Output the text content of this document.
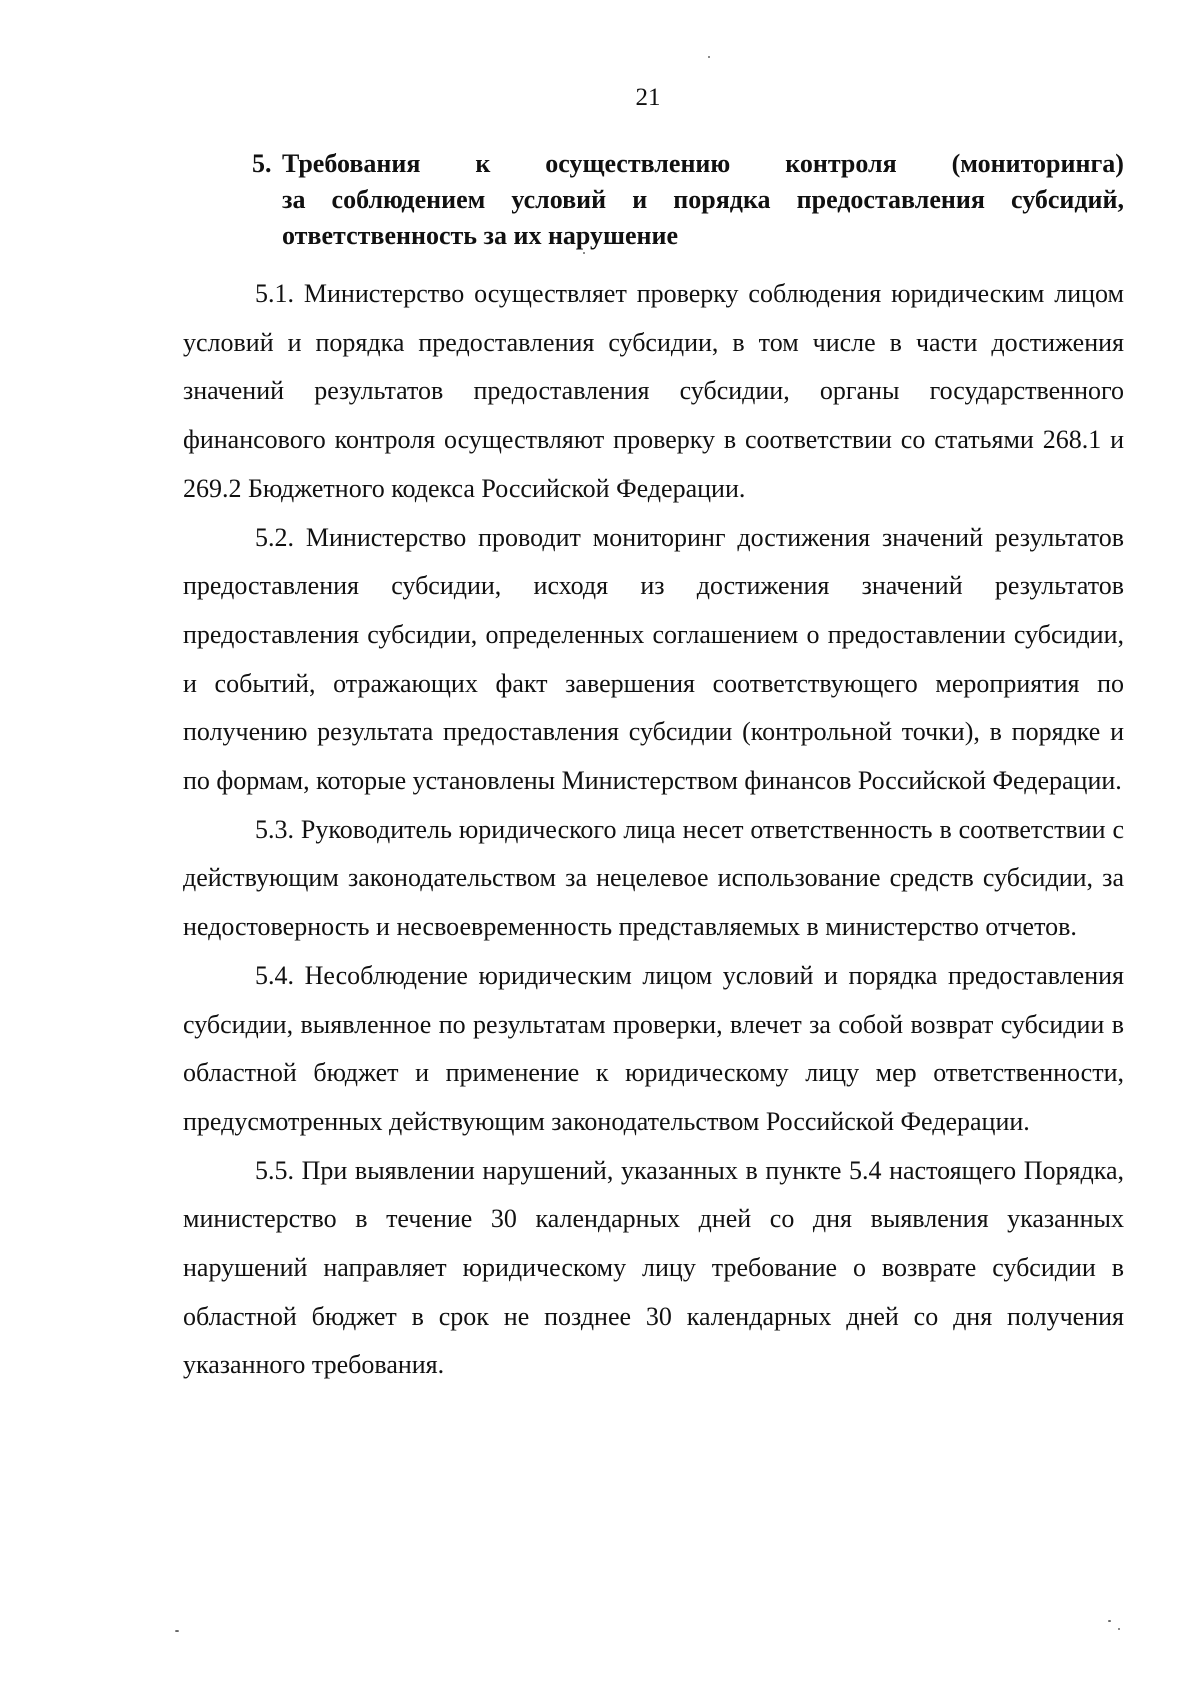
21
5. Требования к осуществлению контроля (мониторинга)
за соблюдением условий и порядка предоставления субсидий, ответственность за их нарушение

5.1. Министерство осуществляет проверку соблюдения юридическим лицом условий и порядка предоставления субсидии, в том числе в части достижения значений результатов предоставления субсидии, органы государственного финансового контроля осуществляют проверку в соответствии со статьями 268.1 и 269.2 Бюджетного кодекса Российской Федерации.

5.2. Министерство проводит мониторинг достижения значений результатов предоставления субсидии, исходя из достижения значений результатов предоставления субсидии, определенных соглашением о предоставлении субсидии, и событий, отражающих факт завершения соответствующего мероприятия по получению результата предоставления субсидии (контрольной точки), в порядке и по формам, которые установлены Министерством финансов Российской Федерации.

5.3. Руководитель юридического лица несет ответственность в соответствии с действующим законодательством за нецелевое использование средств субсидии, за недостоверность и несвоевременность представляемых в министерство отчетов.

5.4. Несоблюдение юридическим лицом условий и порядка предоставления субсидии, выявленное по результатам проверки, влечет за собой возврат субсидии в областной бюджет и применение к юридическому лицу мер ответственности, предусмотренных действующим законодательством Российской Федерации.

5.5. При выявлении нарушений, указанных в пункте 5.4 настоящего Порядка, министерство в течение 30 календарных дней со дня выявления указанных нарушений направляет юридическому лицу требование о возврате субсидии в областной бюджет в срок не позднее 30 календарных дней со дня получения указанного требования.
